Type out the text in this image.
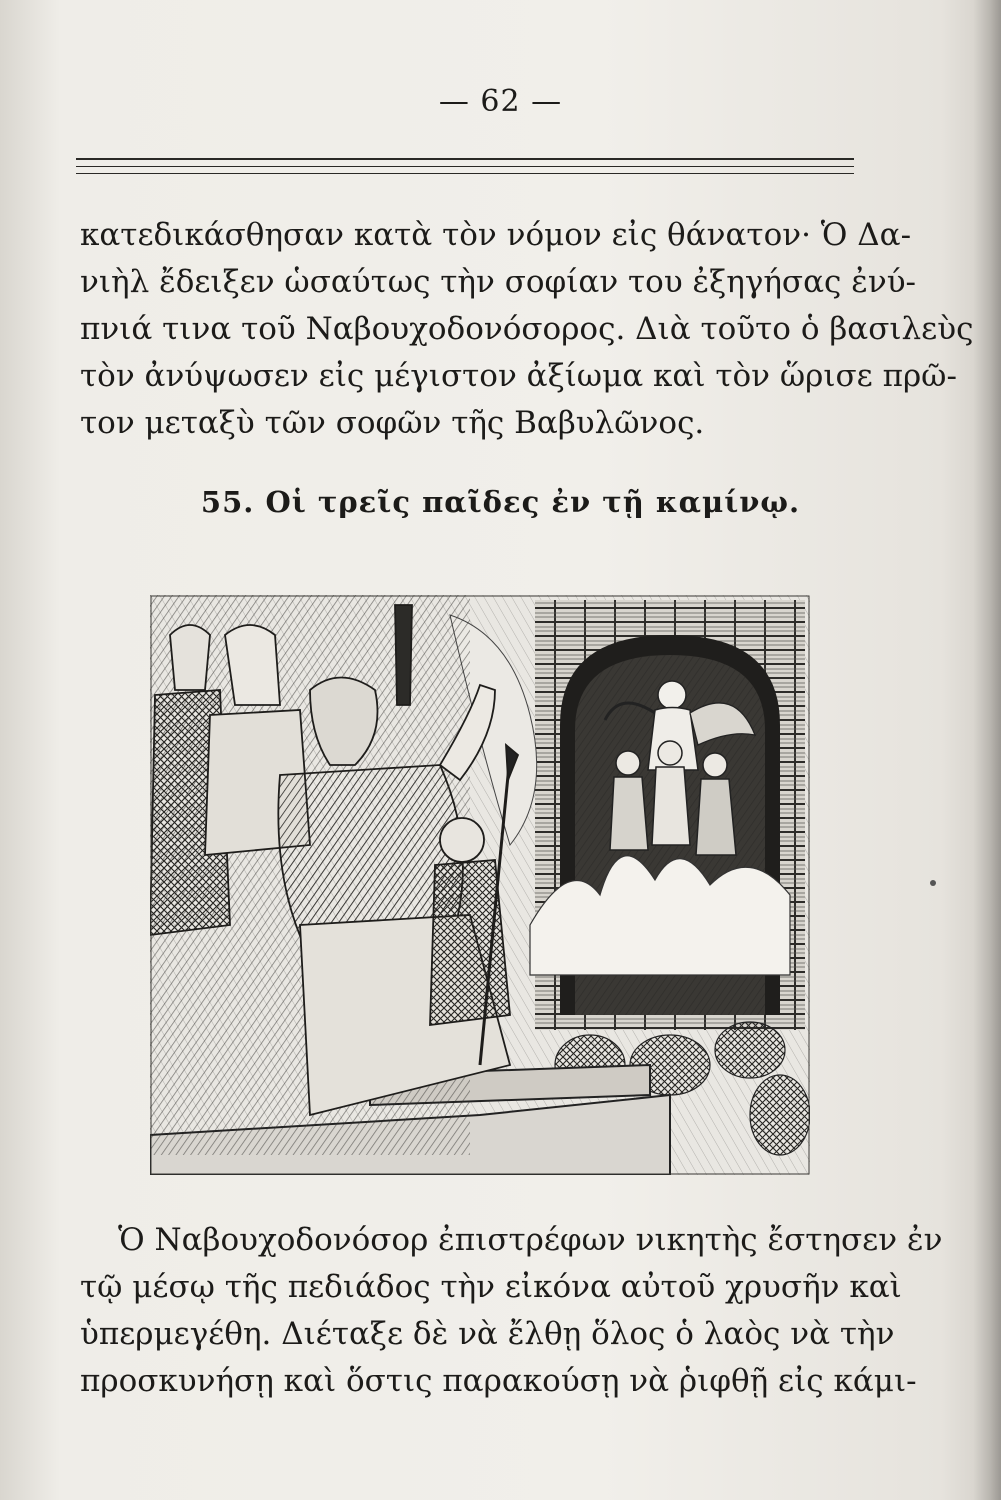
— 62 —
κατεδικάσθησαν κατὰ τὸν νόμον εἰς θάνατον· Ὁ Δα-
νιὴλ ἔδειξεν ὡσαύτως τὴν σοφίαν του ἐξηγήσας ἐνύ-
πνιά τινα τοῦ Ναβουχοδονόσορος. Διὰ τοῦτο ὁ βασιλεὺς
τὸν ἀνύψωσεν εἰς μέγιστον ἀξίωμα καὶ τὸν ὥρισε πρῶ-
τον μεταξὺ τῶν σοφῶν τῆς Βαβυλῶνος.
55. Οἱ τρεῖς παῖδες ἐν τῇ καμίνῳ.
Ὁ Ναβουχοδονόσορ ἐπιστρέφων νικητὴς ἔστησεν ἐν
τῷ μέσῳ τῆς πεδιάδος τὴν εἰκόνα αὐτοῦ χρυσῆν καὶ
ὑπερμεγέθη. Διέταξε δὲ νὰ ἔλθῃ ὅλος ὁ λαὸς νὰ τὴν
προσκυνήσῃ καὶ ὅστις παρακούσῃ νὰ ῥιφθῇ εἰς κάμι-
